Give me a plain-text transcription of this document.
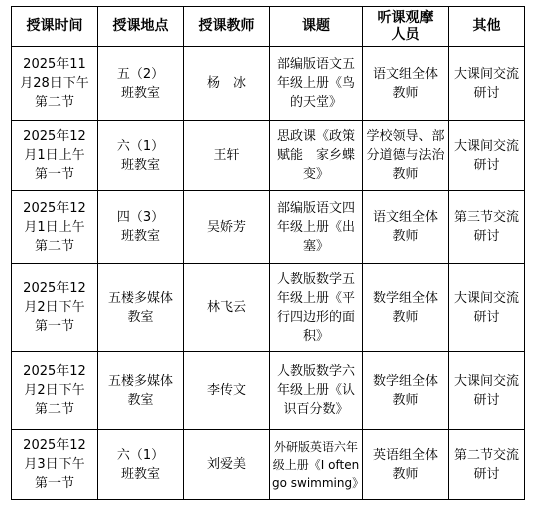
授课时间	授课地点	授课教师	课题	听课观摩人员	其他
2025年11月28日下午第二节	五（2）班教室	杨　冰	部编版语文五年级上册《鸟的天堂》	语文组全体教师	大课间交流研讨
2025年12月1日上午第一节	六（1）班教室	王轩	思政课《政策赋能　家乡蝶变》	学校领导、部分道德与法治教师	大课间交流研讨
2025年12月1日上午第二节	四（3）班教室	吴娇芳	部编版语文四年级上册《出塞》	语文组全体教师	第三节交流研讨
2025年12月2日下午第一节	五楼多媒体教室	林飞云	人教版数学五年级上册《平行四边形的面积》	数学组全体教师	大课间交流研讨
2025年12月2日下午第二节	五楼多媒体教室	李传文	人教版数学六年级上册《认识百分数》	数学组全体教师	大课间交流研讨
2025年12月3日下午第一节	六（1）班教室	刘爱美	外研版英语六年级上册《I often go swimming》	英语组全体教师	第二节交流研讨
